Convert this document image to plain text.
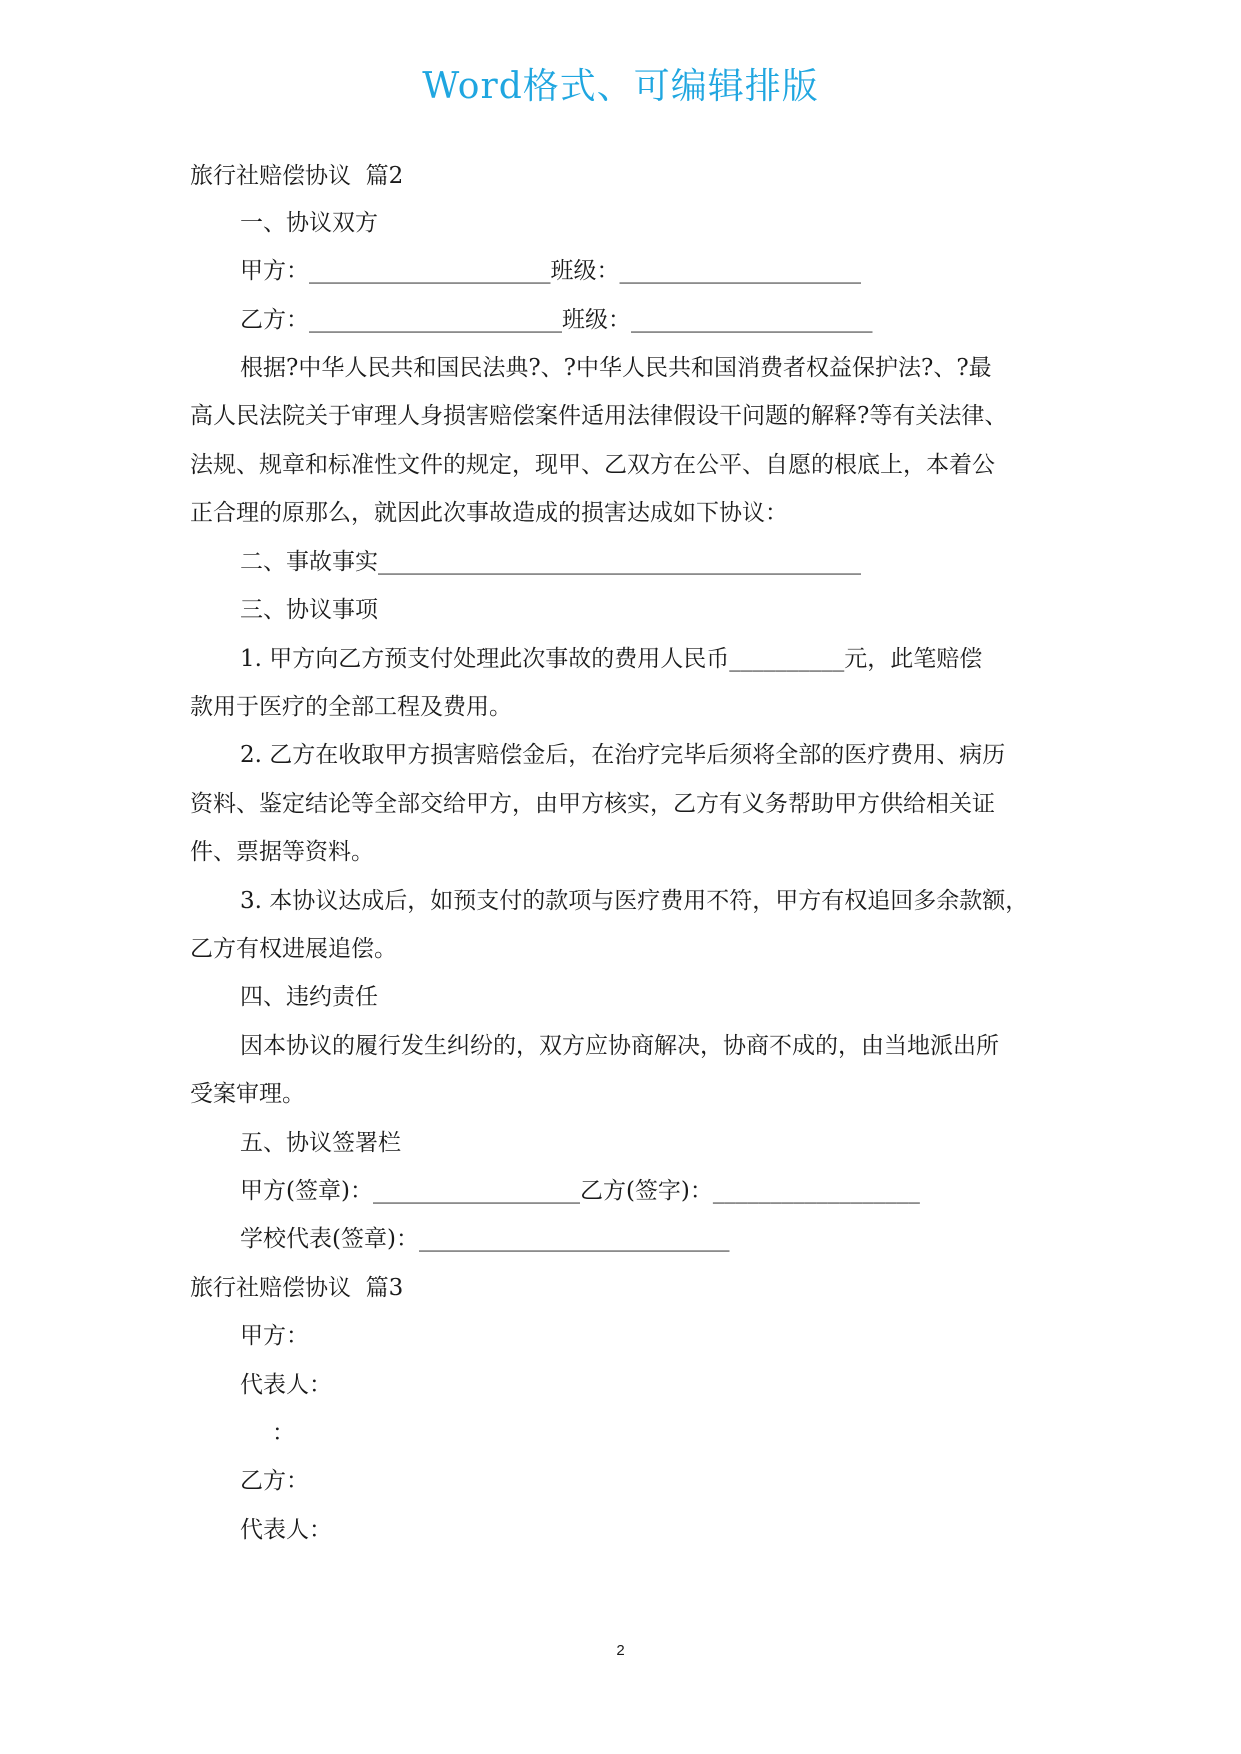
Word格式、可编辑排版
旅行社赔偿协议  篇2
一、协议双方
甲方：_____________________班级：_____________________
乙方：______________________班级：_____________________
根据?中华人民共和国民法典?、?中华人民共和国消费者权益保护法?、?最
高人民法院关于审理人身损害赔偿案件适用法律假设干问题的解释?等有关法律、
法规、规章和标准性文件的规定，现甲、乙双方在公平、自愿的根底上，本着公
正合理的原那么，就因此次事故造成的损害达成如下协议：
二、事故事实__________________________________________
三、协议事项
1. 甲方向乙方预支付处理此次事故的费用人民币__________元，此笔赔偿
款用于医疗的全部工程及费用。
2. 乙方在收取甲方损害赔偿金后，在治疗完毕后须将全部的医疗费用、病历
资料、鉴定结论等全部交给甲方，由甲方核实，乙方有义务帮助甲方供给相关证
件、票据等资料。
3. 本协议达成后，如预支付的款项与医疗费用不符，甲方有权追回多余款额，
乙方有权进展追偿。
四、违约责任
因本协议的履行发生纠纷的，双方应协商解决，协商不成的，由当地派出所
受案审理。
五、协议签署栏
甲方(签章)：__________________乙方(签字)：__________________
学校代表(签章)：___________________________
旅行社赔偿协议  篇3
甲方：
代表人：
：
乙方：
代表人：
2
